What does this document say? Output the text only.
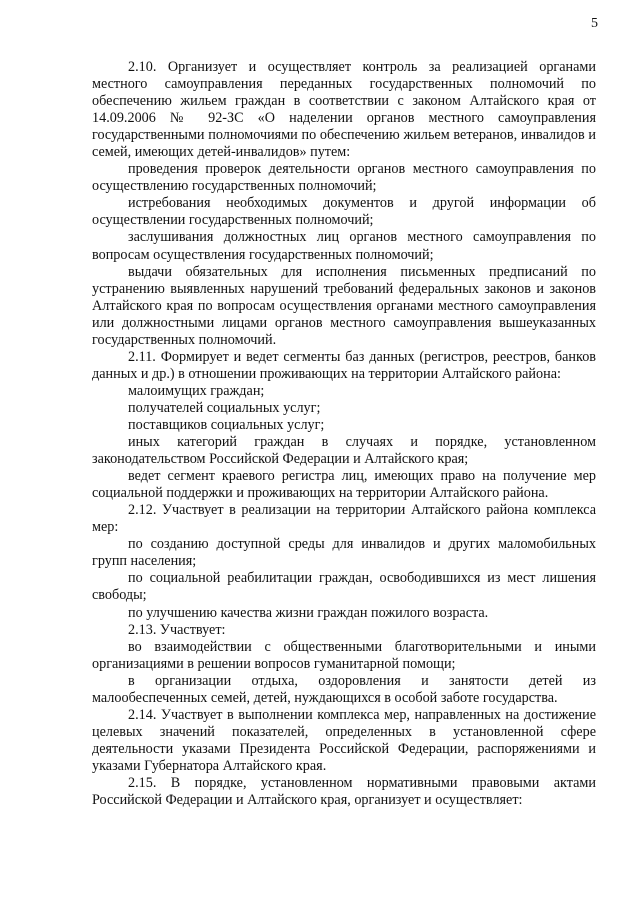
5

2.10. Организует и осуществляет контроль за реализацией органами местного самоуправления переданных государственных полномочий по обеспечению жильем граждан в соответствии с законом Алтайского края от 14.09.2006 № 92-ЗС «О наделении органов местного самоуправления государственными полномочиями по обеспечению жильем ветеранов, инвалидов и семей, имеющих детей-инвалидов» путем:

проведения проверок деятельности органов местного самоуправления по осуществлению государственных полномочий;

истребования необходимых документов и другой информации об осуществлении государственных полномочий;

заслушивания должностных лиц органов местного самоуправления по вопросам осуществления государственных полномочий;

выдачи обязательных для исполнения письменных предписаний по устранению выявленных нарушений требований федеральных законов и законов Алтайского края по вопросам осуществления органами местного самоуправления или должностными лицами органов местного самоуправления вышеуказанных государственных полномочий.

2.11. Формирует и ведет сегменты баз данных (регистров, реестров, банков данных и др.) в отношении проживающих на территории Алтайского района:

малоимущих граждан;

получателей социальных услуг;

поставщиков социальных услуг;

иных категорий граждан в случаях и порядке, установленном законодательством Российской Федерации и Алтайского края;

ведет сегмент краевого регистра лиц, имеющих право на получение мер социальной поддержки и проживающих на территории Алтайского района.

2.12. Участвует в реализации на территории Алтайского района комплекса мер:

по созданию доступной среды для инвалидов и других маломобильных групп населения;

по социальной реабилитации граждан, освободившихся из мест лишения свободы;

по улучшению качества жизни граждан пожилого возраста.

2.13. Участвует:

во взаимодействии с общественными благотворительными и иными организациями в решении вопросов гуманитарной помощи;

в организации отдыха, оздоровления и занятости детей из малообеспеченных семей, детей, нуждающихся в особой заботе государства.

2.14. Участвует в выполнении комплекса мер, направленных на достижение целевых значений показателей, определенных в установленной сфере деятельности указами Президента Российской Федерации, распоряжениями и указами Губернатора Алтайского края.

2.15. В порядке, установленном нормативными правовыми актами Российской Федерации и Алтайского края, организует и осуществляет:
